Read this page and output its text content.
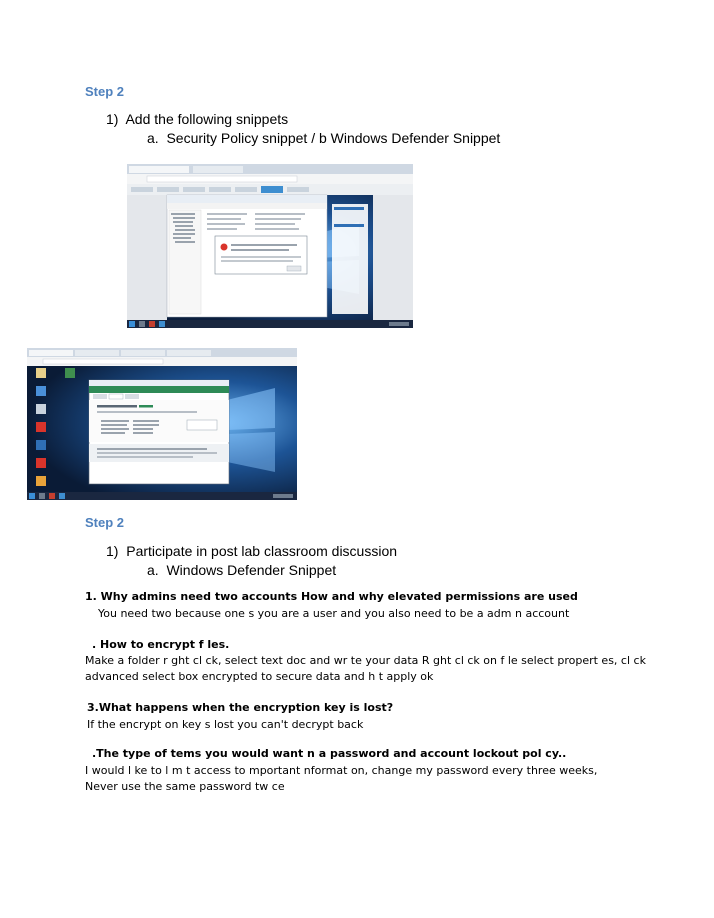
Step 2
1) Add the following snippets
a. Security Policy snippet / b Windows Defender Snippet
Step 2
1) Participate in post lab classroom discussion
a. Windows Defender Snippet
1. Why admins need two accounts How and why elevated permissions are used
You need two because one s you are a user and you also need to be a adm n account
. How to encrypt f les.
Make a folder r ght cl ck, select text doc and wr te your data R ght cl ck on f le select propert es, cl ck
advanced select box encrypted to secure data and h t apply ok
3.What happens when the encryption key is lost?
If the encrypt on key s lost you can't decrypt back
.The type of tems you would want n a password and account lockout pol cy..
I would l ke to l m t access to mportant nformat on, change my password every three weeks,
Never use the same password tw ce
